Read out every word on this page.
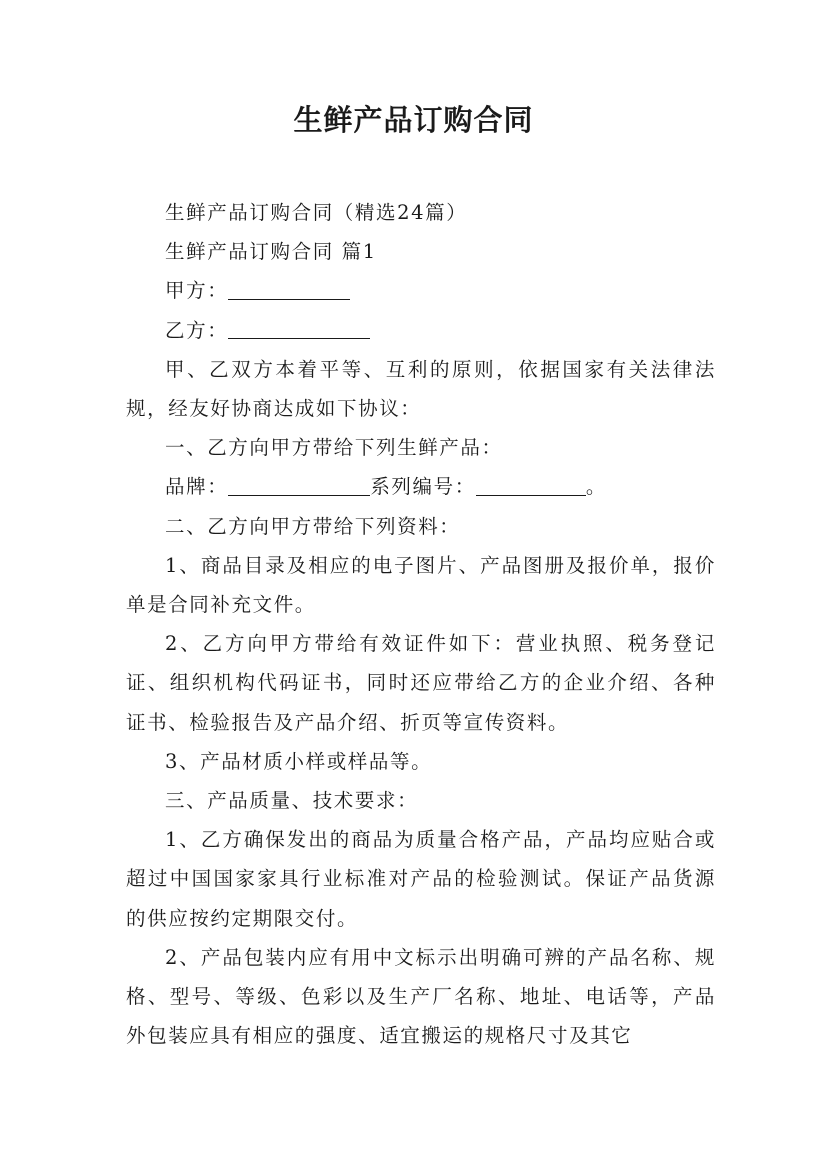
生鲜产品订购合同

生鲜产品订购合同（精选24篇）

生鲜产品订购合同 篇1

甲方：

乙方：

甲、乙双方本着平等、互利的原则，依据国家有关法律法规，经友好协商达成如下协议：

一、乙方向甲方带给下列生鲜产品：

品牌：	系列编号：	。

二、乙方向甲方带给下列资料：

1、商品目录及相应的电子图片、产品图册及报价单，报价单是合同补充文件。

2、乙方向甲方带给有效证件如下：营业执照、税务登记证、组织机构代码证书，同时还应带给乙方的企业介绍、各种证书、检验报告及产品介绍、折页等宣传资料。

3、产品材质小样或样品等。

三、产品质量、技术要求：

1、乙方确保发出的商品为质量合格产品，产品均应贴合或超过中国国家家具行业标准对产品的检验测试。保证产品货源的供应按约定期限交付。

2、产品包装内应有用中文标示出明确可辨的产品名称、规格、型号、等级、色彩以及生产厂名称、地址、电话等，产品外包装应具有相应的强度、适宜搬运的规格尺寸及其它
